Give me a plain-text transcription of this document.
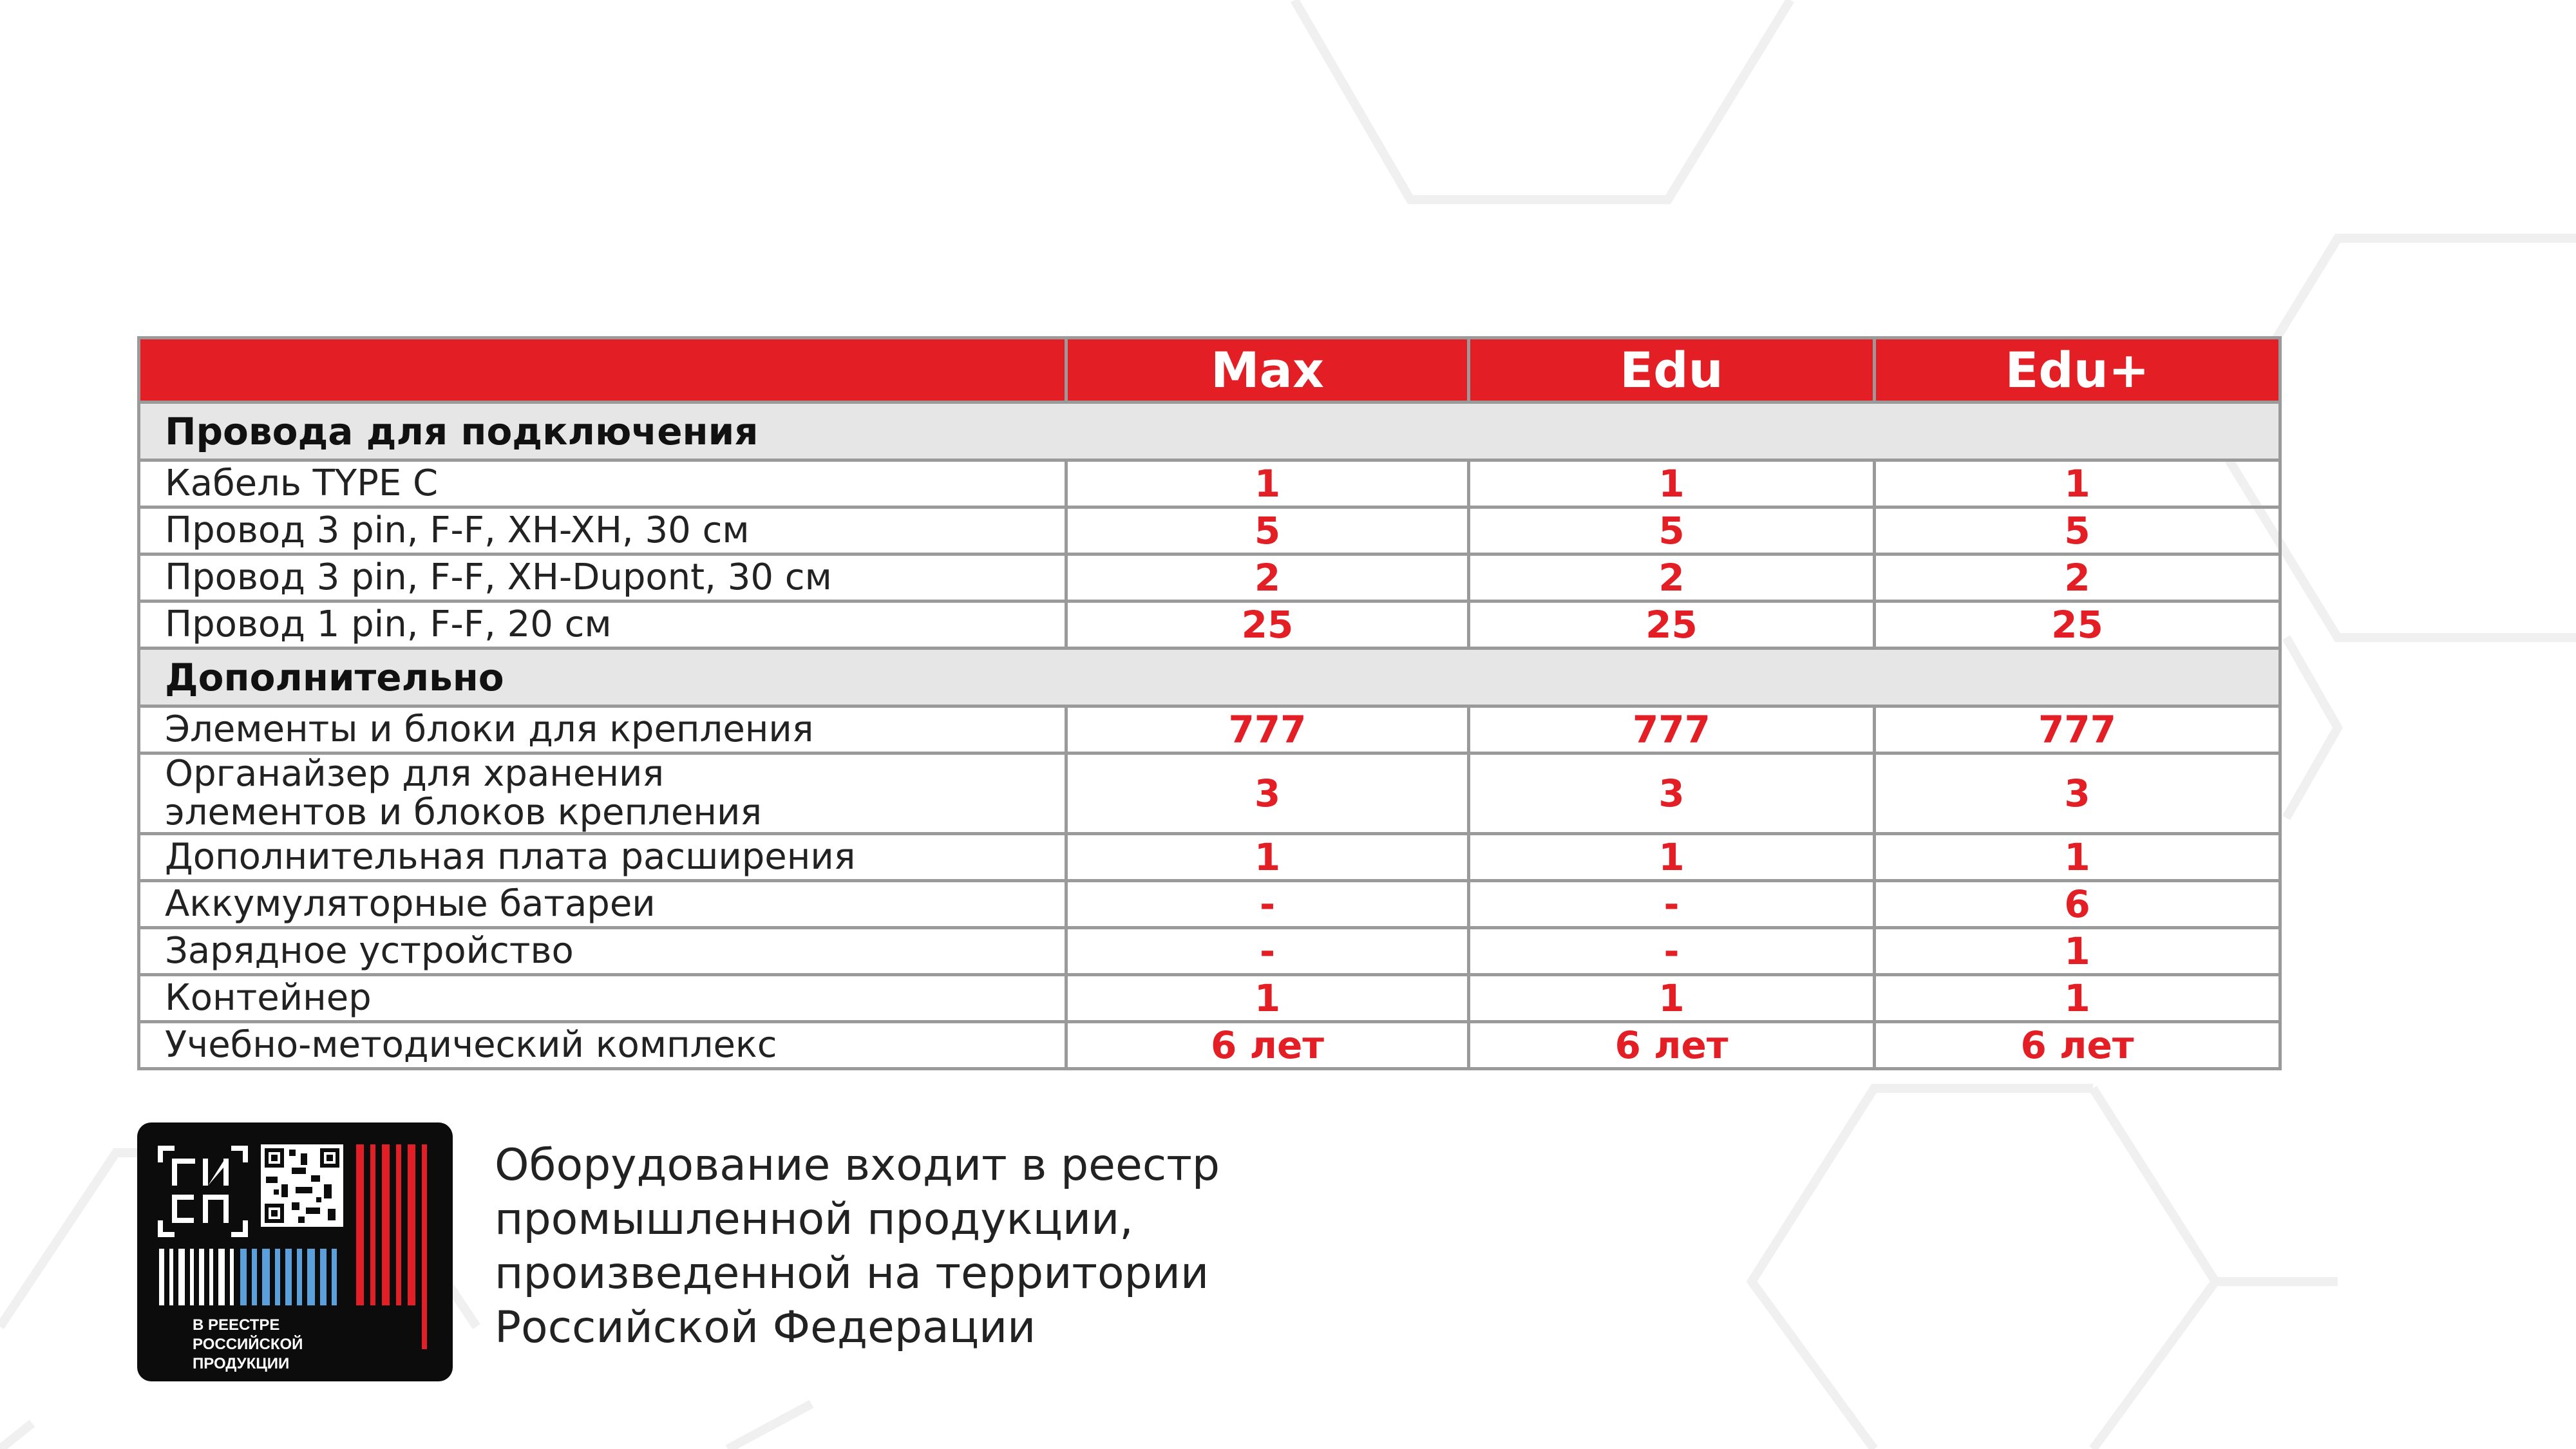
	Max	Edu	Edu+
Провода для подключения			
Кабель TYPE C	1	1	1
Провод 3 pin, F-F, XH-XH, 30 см	5	5	5
Провод 3 pin, F-F, XH-Dupont, 30 см	2	2	2
Провод 1 pin, F-F, 20 см	25	25	25
Дополнительно			
Элементы и блоки для крепления	777	777	777
Органайзер для хранения
элементов и блоков крепления	3	3	3
Дополнительная плата расширения	1	1	1
Аккумуляторные батареи	-	-	6
Зарядное устройство	-	-	1
Контейнер	1	1	1
Учебно-методический комплекс	6 лет	6 лет	6 лет
В РЕЕСТРЕ РОССИЙСКОЙ
ПРОДУКЦИИ
Оборудование входит в реестр
промышленной продукции,
произведенной на территории
Российской Федерации
